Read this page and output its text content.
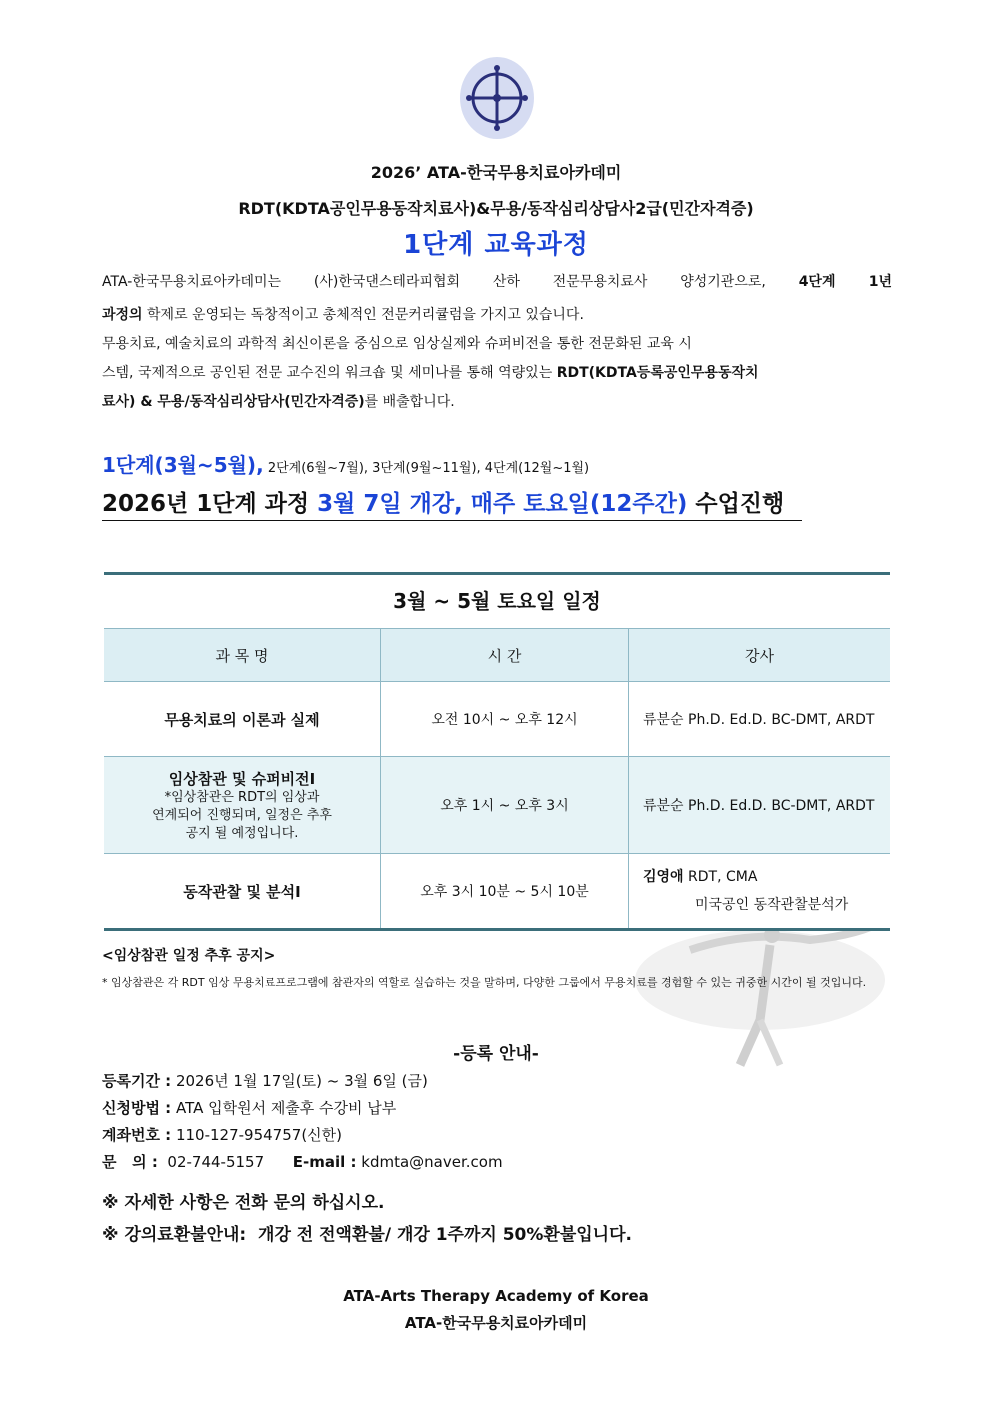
2026’ ATA-한국무용치료아카데미
RDT(KDTA공인무용동작치료사)&무용/동작심리상담사2급(민간자격증)
1단계 교육과정

ATA-한국무용치료아카데미는 (사)한국댄스테라피협회 산하 전문무용치료사 양성기관으로, 4단계 1년

과정의 학제로 운영되는 독창적이고 총체적인 전문커리큘럼을 가지고 있습니다.

무용치료, 예술치료의 과학적 최신이론을 중심으로 임상실제와 슈퍼비전을 통한 전문화된 교육 시

스템, 국제적으로 공인된 전문 교수진의 워크숍 및 세미나를 통해 역량있는 RDT(KDTA등록공인무용동작치

료사) & 무용/동작심리상담사(민간자격증)를 배출합니다.

1단계(3월~5월), 2단계(6월~7월), 3단계(9월~11월), 4단계(12월~1월)
2026년 1단계 과정 3월 7일 개강, 매주 토요일(12주간) 수업진행
3월 ~ 5월 토요일 일정
과 목 명	시 간	강사
무용치료의 이론과 실제	오전 10시 ~ 오후 12시	류분순 Ph.D. Ed.D. BC-DMT, ARDT

임상참관 및 슈퍼비전Ⅰ
*임상참관은 RDT의 임상과
연계되어 진행되며, 일정은 추후
공지 될 예정입니다.	오후 1시 ~ 오후 3시	류분순 Ph.D. Ed.D. BC-DMT, ARDT
동작관찰 및 분석Ⅰ	오후 3시 10분 ~ 5시 10분	김영애 RDT, CMA
미국공인 동작관찰분석가
<임상참관 일정 추후 공지>
* 임상참관은 각 RDT 임상 무용치료프로그램에 참관자의 역할로 실습하는 것을 말하며, 다양한 그룹에서 무용치료를 경험할 수 있는 귀중한 시간이 될 것입니다.
-등록 안내-
등록기간 : 2026년 1월 17일(토) ~ 3월 6일 (금)
신청방법 : ATA 입학원서 제출후 수강비 납부
계좌번호 : 110-127-954757(신한)
문   의 : 02-744-5157 E-mail : kdmta@naver.com
※ 자세한 사항은 전화 문의 하십시오.
※ 강의료환불안내:  개강 전 전액환불/ 개강 1주까지 50%환불입니다.
ATA-Arts Therapy Academy of Korea
ATA-한국무용치료아카데미
